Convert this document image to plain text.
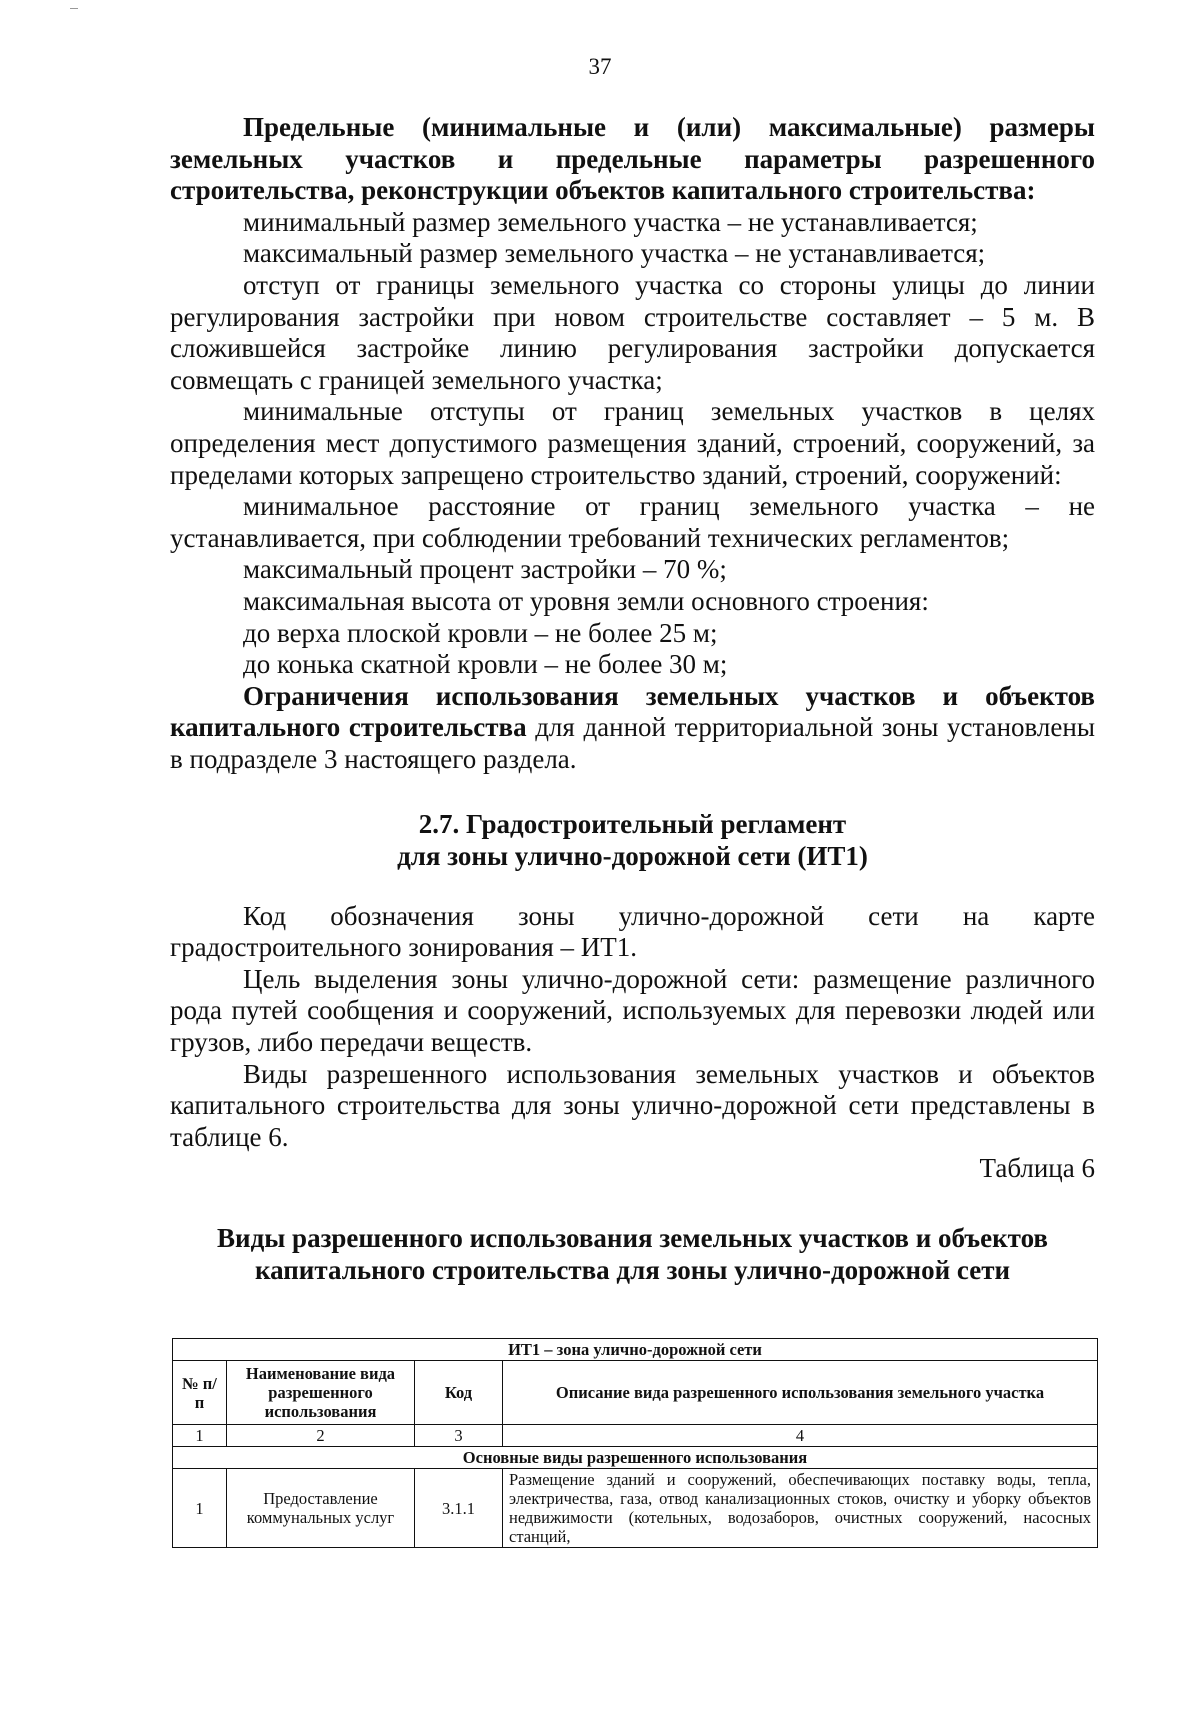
37

Предельные (минимальные и (или) максимальные) размеры земельных участков и предельные параметры разрешенного строительства, реконструкции объектов капитального строительства:

минимальный размер земельного участка – не устанавливается;

максимальный размер земельного участка – не устанавливается;

отступ от границы земельного участка со стороны улицы до линии регулирования застройки при новом строительстве составляет – 5 м. В сложившейся застройке линию регулирования застройки допускается совмещать с границей земельного участка;

минимальные отступы от границ земельных участков в целях определения мест допустимого размещения зданий, строений, сооружений, за пределами которых запрещено строительство зданий, строений, сооружений:

минимальное расстояние от границ земельного участка – не устанавливается, при соблюдении требований технических регламентов;

максимальный процент застройки – 70 %;

максимальная высота от уровня земли основного строения:

до верха плоской кровли – не более 25 м;

до конька скатной кровли – не более 30 м;

Ограничения использования земельных участков и объектов капитального строительства для данной территориальной зоны установлены в подразделе 3 настоящего раздела.

2.7. Градостроительный регламент

для зоны улично-дорожной сети (ИТ1)

Код обозначения зоны улично-дорожной сети на карте градостроительного зонирования – ИТ1.

Цель выделения зоны улично-дорожной сети: размещение различного рода путей сообщения и сооружений, используемых для перевозки людей или грузов, либо передачи веществ.

Виды разрешенного использования земельных участков и объектов капитального строительства для зоны улично-дорожной сети представлены в таблице 6.

Таблица 6

Виды разрешенного использования земельных участков и объектов

капитального строительства для зоны улично-дорожной сети

ИТ1 – зона улично-дорожной сети			
№ п/п	Наименование вида разрешенного использования	Код	Описание вида разрешенного использования земельного участка
1	2	3	4
Основные виды разрешенного использования			
1	Предоставление коммунальных услуг	3.1.1	Размещение зданий и сооружений, обеспечивающих поставку воды, тепла, электричества, газа, отвод канализационных стоков, очистку и уборку объектов недвижимости (котельных, водозаборов, очистных сооружений, насосных станций,
